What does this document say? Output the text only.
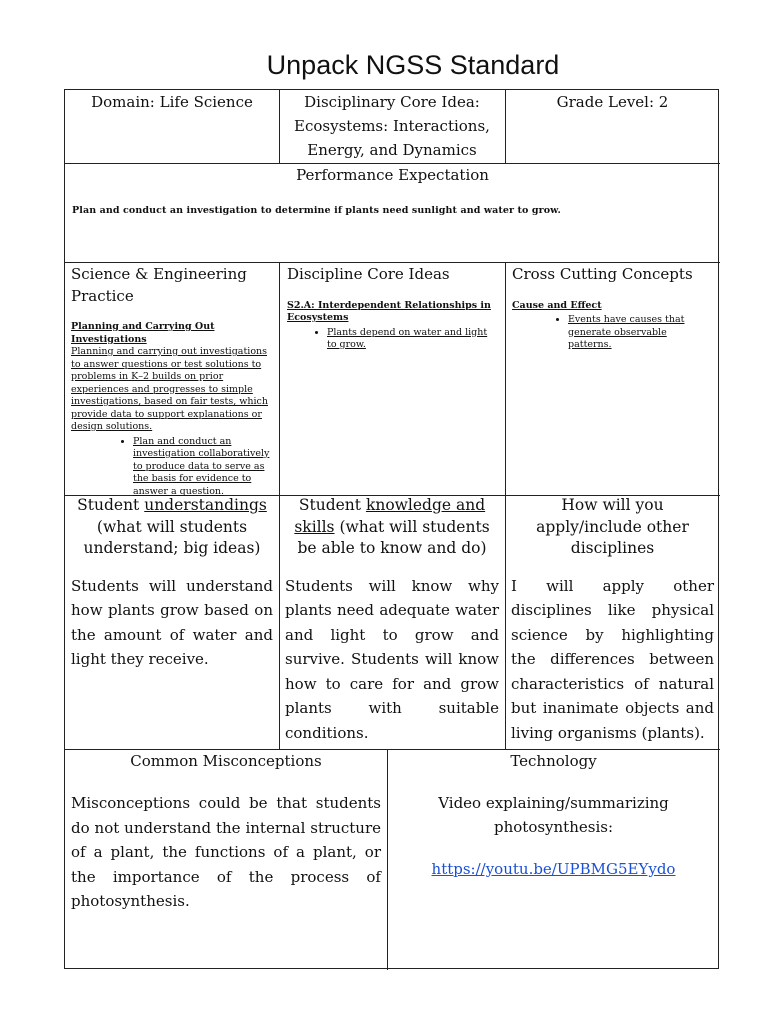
Unpack NGSS Standard
Domain: Life Science	Disciplinary Core Idea: Ecosystems: Interactions, Energy, and Dynamics
Grade Level: 2
Performance Expectation
Plan and conduct an investigation to determine if plants need sunlight and water to grow.
Science & Engineering Practice
Planning and Carrying Out Investigations
Planning and carrying out investigations to answer questions or test solutions to problems in K–2 builds on prior experiences and progresses to simple investigations, based on fair tests, which provide data to support explanations or design solutions.
• Plan and conduct an investigation collaboratively to produce data to serve as the basis for evidence to answer a question.
Discipline Core Ideas
S2.A: Interdependent Relationships in Ecosystems
• Plants depend on water and light to grow.
Cross Cutting Concepts
Cause and Effect
• Events have causes that generate observable patterns.
Student understandings (what will students understand; big ideas)
Students will understand how plants grow based on the amount of water and light they receive.
Student knowledge and skills (what will students be able to know and do)
Students will know why plants need adequate water and light to grow and survive. Students will know how to care for and grow plants with suitable conditions.
How will you apply/include other disciplines
I will apply other disciplines like physical science by highlighting the differences between characteristics of natural but inanimate objects and living organisms (plants).
Common Misconceptions
Misconceptions could be that students do not understand the internal structure of a plant, the functions of a plant, or the importance of the process of photosynthesis.
Technology
Video explaining/summarizing photosynthesis:
https://youtu.be/UPBMG5EYydo
